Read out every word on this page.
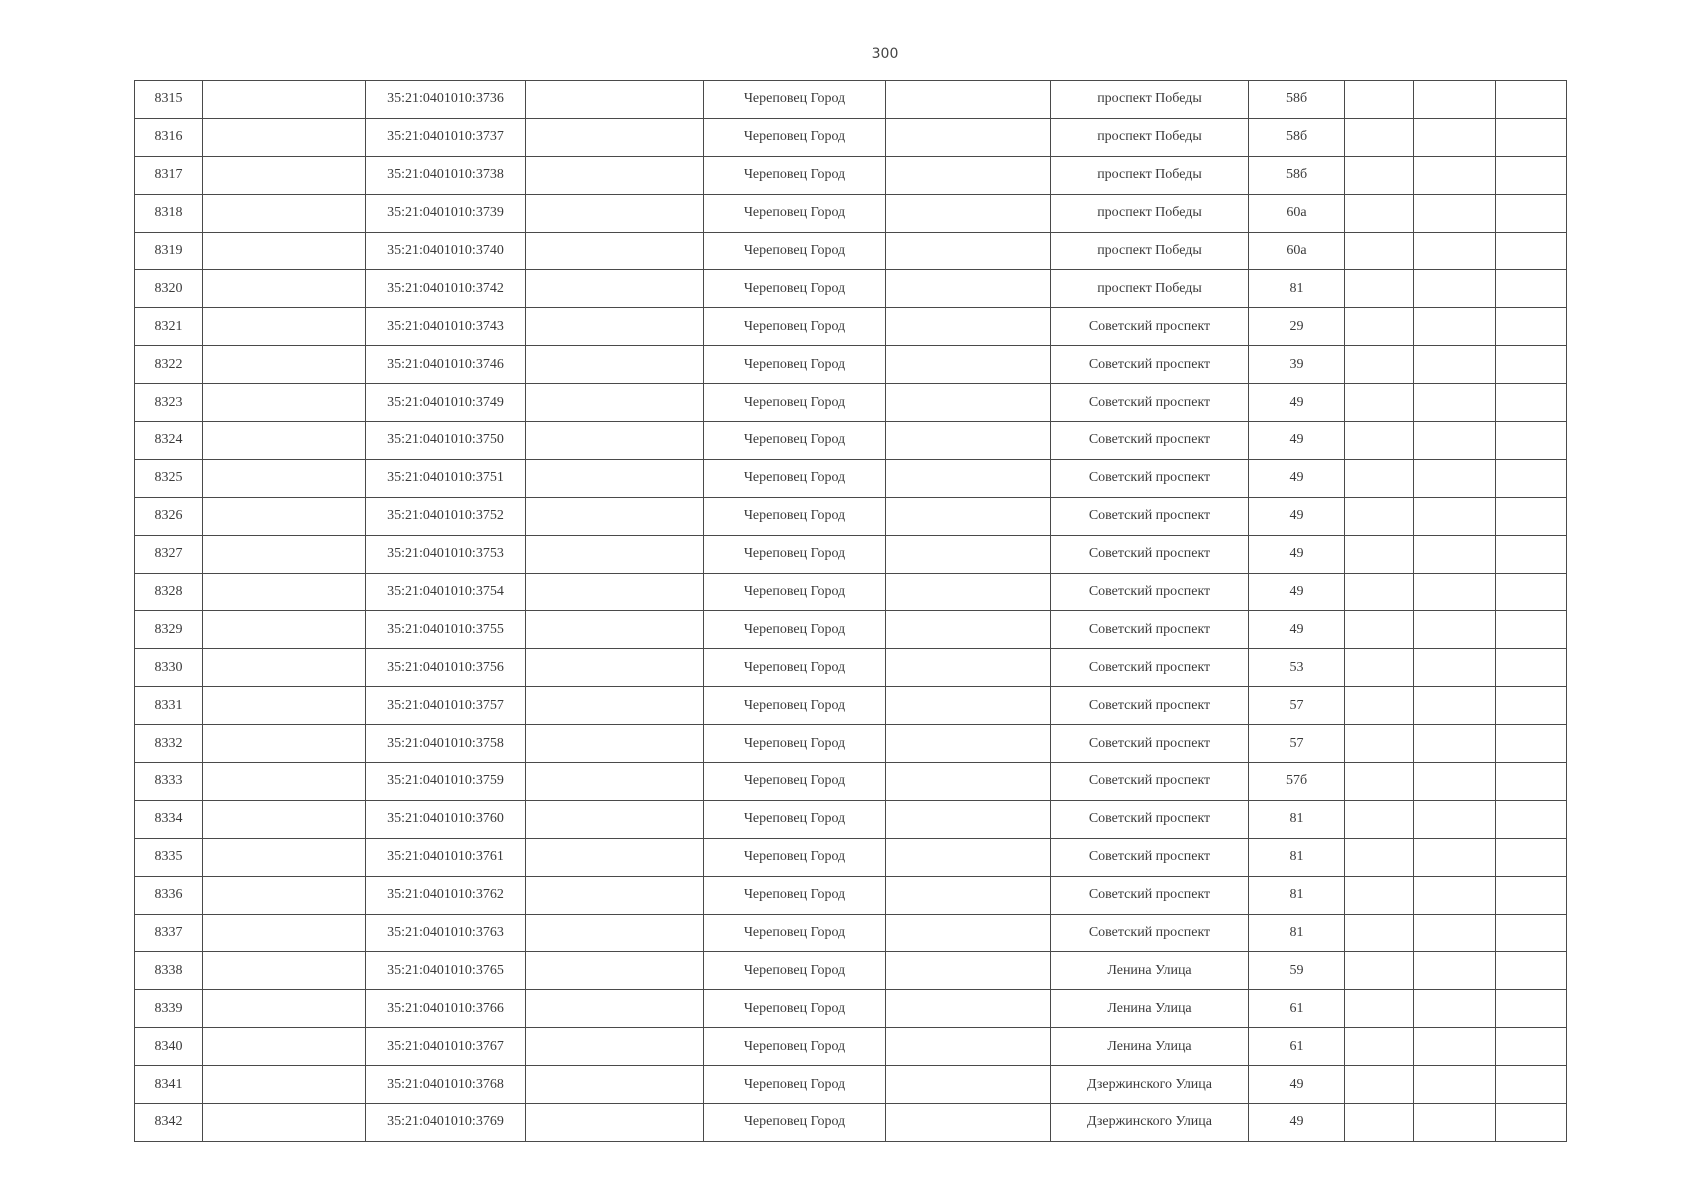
300
8315		35:21:0401010:3736		Череповец Город		проспект Победы	58б			
8316		35:21:0401010:3737		Череповец Город		проспект Победы	58б			
8317		35:21:0401010:3738		Череповец Город		проспект Победы	58б			
8318		35:21:0401010:3739		Череповец Город		проспект Победы	60а			
8319		35:21:0401010:3740		Череповец Город		проспект Победы	60а			
8320		35:21:0401010:3742		Череповец Город		проспект Победы	81			
8321		35:21:0401010:3743		Череповец Город		Советский проспект	29			
8322		35:21:0401010:3746		Череповец Город		Советский проспект	39			
8323		35:21:0401010:3749		Череповец Город		Советский проспект	49			
8324		35:21:0401010:3750		Череповец Город		Советский проспект	49			
8325		35:21:0401010:3751		Череповец Город		Советский проспект	49			
8326		35:21:0401010:3752		Череповец Город		Советский проспект	49			
8327		35:21:0401010:3753		Череповец Город		Советский проспект	49			
8328		35:21:0401010:3754		Череповец Город		Советский проспект	49			
8329		35:21:0401010:3755		Череповец Город		Советский проспект	49			
8330		35:21:0401010:3756		Череповец Город		Советский проспект	53			
8331		35:21:0401010:3757		Череповец Город		Советский проспект	57			
8332		35:21:0401010:3758		Череповец Город		Советский проспект	57			
8333		35:21:0401010:3759		Череповец Город		Советский проспект	57б			
8334		35:21:0401010:3760		Череповец Город		Советский проспект	81			
8335		35:21:0401010:3761		Череповец Город		Советский проспект	81			
8336		35:21:0401010:3762		Череповец Город		Советский проспект	81			
8337		35:21:0401010:3763		Череповец Город		Советский проспект	81			
8338		35:21:0401010:3765		Череповец Город		Ленина Улица	59			
8339		35:21:0401010:3766		Череповец Город		Ленина Улица	61			
8340		35:21:0401010:3767		Череповец Город		Ленина Улица	61			
8341		35:21:0401010:3768		Череповец Город		Дзержинского Улица	49			
8342		35:21:0401010:3769		Череповец Город		Дзержинского Улица	49			
